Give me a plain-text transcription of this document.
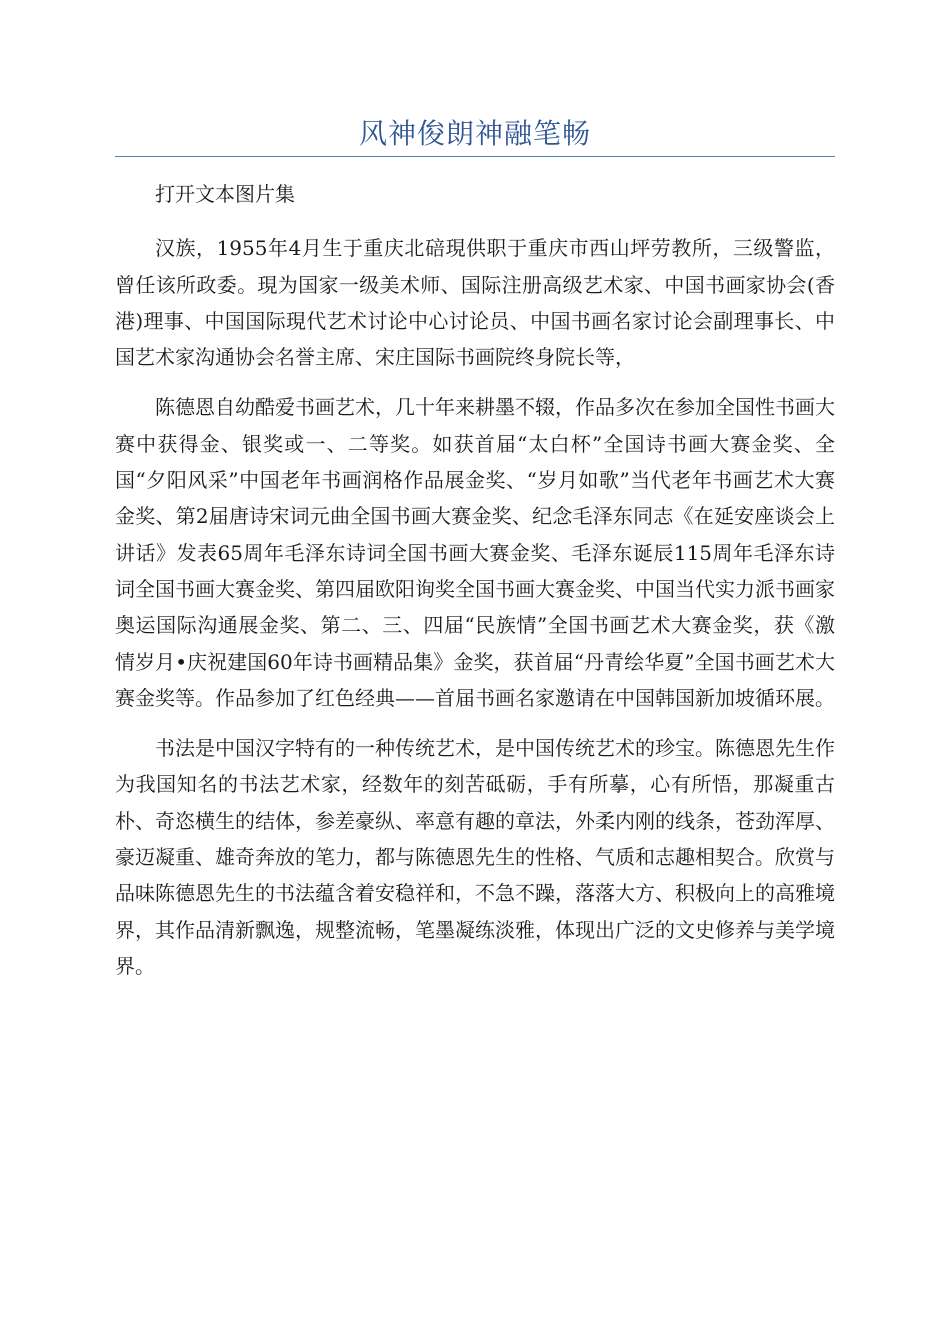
风神俊朗神融笔畅

打开文本图片集

汉族，1955年4月生于重庆北碚現供职于重庆市西山坪劳教所，三级警监，曾任该所政委。現为国家一级美术师、国际注册高级艺术家、中国书画家协会(香港)理事、中国国际現代艺术讨论中心讨论员、中国书画名家讨论会副理事长、中国艺术家沟通协会名誉主席、宋庄国际书画院终身院长等，

陈德恩自幼酷爱书画艺术，几十年来耕墨不辍，作品多次在参加全国性书画大赛中获得金、银奖或一、二等奖。如获首届“太白杯”全国诗书画大赛金奖、全国“夕阳风采”中国老年书画润格作品展金奖、“岁月如歌”当代老年书画艺术大赛金奖、第2届唐诗宋词元曲全国书画大赛金奖、纪念毛泽东同志《在延安座谈会上讲话》发表65周年毛泽东诗词全国书画大赛金奖、毛泽东诞辰115周年毛泽东诗词全国书画大赛金奖、第四届欧阳询奖全国书画大赛金奖、中国当代实力派书画家奥运国际沟通展金奖、第二、三、四届“民族情”全国书画艺术大赛金奖，获《激情岁月•庆祝建国60年诗书画精品集》金奖，获首届“丹青绘华夏”全国书画艺术大赛金奖等。作品参加了红色经典——首届书画名家邀请在中国韩国新加坡循环展。

书法是中国汉字特有的一种传统艺术，是中国传统艺术的珍宝。陈德恩先生作为我国知名的书法艺术家，经数年的刻苦砥砺，手有所摹，心有所悟，那凝重古朴、奇恣横生的结体，参差豪纵、率意有趣的章法，外柔内刚的线条，苍劲浑厚、豪迈凝重、雄奇奔放的笔力，都与陈德恩先生的性格、气质和志趣相契合。欣赏与品味陈德恩先生的书法蕴含着安稳祥和，不急不躁，落落大方、积极向上的高雅境界，其作品清新飘逸，规整流畅，笔墨凝练淡雅，体现出广泛的文史修养与美学境界。
